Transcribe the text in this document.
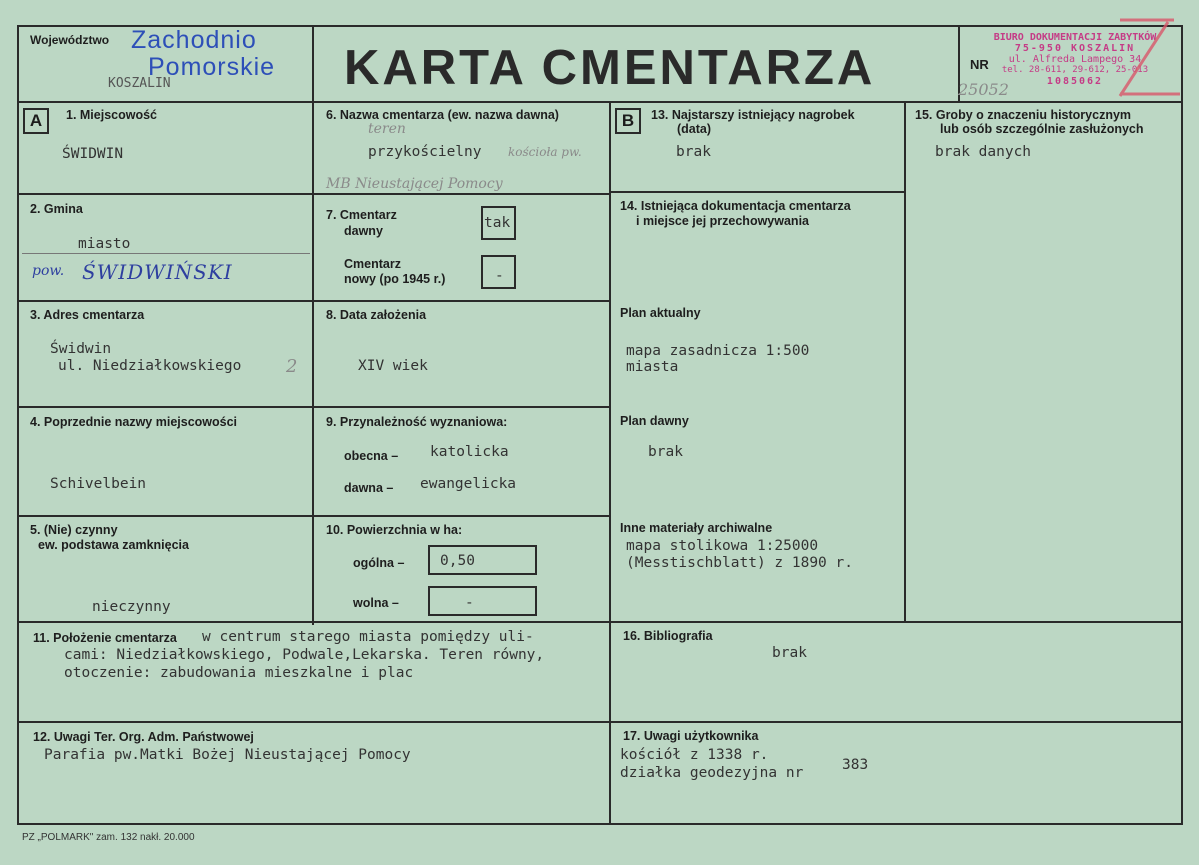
Województwo Zachodnio
Pomorskie
KOSZALIN	KARTA CMENTARZA	NR
BIURO DOKUMENTACJI ZABYTKÓW
75-950 KOSZALIN
ul. Alfreda Lampego 34
tel. 28-611, 29-612, 25-013
1085062
25052
A	1. Miejscowość
ŚWIDWIN
2. Gmina
miasto
pow. ŚWIDWIŃSKI
3. Adres cmentarza
Świdwin
ul. Niedziałkowskiego 2
4. Poprzednie nazwy miejscowości
Schivelbein
5. (Nie) czynny
ew. podstawa zamknięcia
nieczynny
6. Nazwa cmentarza (ew. nazwa dawna)
teren
przykościelny kościoła pw.
MB Nieustającej Pomocy
7. Cmentarz
dawny	tak
Cmentarz
nowy (po 1945 r.)	-
8. Data założenia
XIV wiek
9. Przynależność wyznaniowa:
obecna – katolicka
dawna – ewangelicka
10. Powierzchnia w ha:
ogólna – 0,50
wolna –	-
B	13. Najstarszy istniejący nagrobek
(data)
brak
14. Istniejąca dokumentacja cmentarza
i miejsce jej przechowywania
Plan aktualny
mapa zasadnicza 1:500
miasta
Plan dawny
brak
Inne materiały archiwalne
mapa stolikowa 1:25000
(Messtischblatt) z 1890 r.
15. Groby o znaczeniu historycznym
lub osób szczególnie zasłużonych
brak danych
11. Położenie cmentarza w centrum starego miasta pomiędzy uli-
cami: Niedziałkowskiego, Podwale,Lekarska. Teren równy,
otoczenie: zabudowania mieszkalne i plac
16. Bibliografia
brak
12. Uwagi Ter. Org. Adm. Państwowej
Parafia pw.Matki Bożej Nieustającej Pomocy
17. Uwagi użytkownika
kościół z 1338 r.
działka geodezyjna nr	383
PZ „POLMARK" zam. 132 nakł. 20.000
